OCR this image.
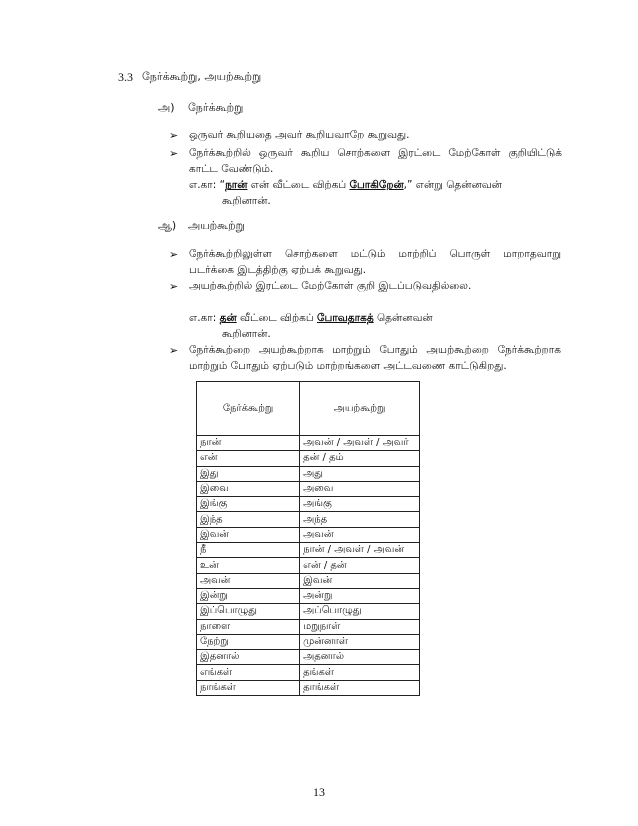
3.3 நேர்க்கூற்று, அயற்கூற்று
அ) நேர்க்கூற்று
➢ ஒருவர் கூறியதை அவர் கூறியவாறே கூறுவது.
➢ நேர்க்கூற்றில் ஒருவர் கூறிய சொற்களை இரட்டை மேற்கோள் குறியிட்டுக்
காட்ட வேண்டும்.
எ.கா: “நான் என் வீட்டை விற்கப் போகிறேன்,” என்று தென்னவன்
கூறினான்.
ஆ) அயற்கூற்று
➢ நேர்க்கூற்றிலுள்ள சொற்களை மட்டும் மாற்றிப் பொருள் மாறாதவாறு
படர்க்கை இடத்திற்கு ஏற்பக் கூறுவது.
➢ அயற்கூற்றில் இரட்டை மேற்கோள் குறி இடப்படுவதில்லை.
எ.கா: தன் வீட்டை விற்கப் போவதாகத் தென்னவன்
கூறினான்.
➢ நேர்க்கூற்றை அயற்கூற்றாக மாற்றும் போதும் அயற்கூற்றை நேர்க்கூற்றாக
மாற்றும் போதும் ஏற்படும் மாற்றங்களை அட்டவணை காட்டுகிறது.
நேர்க்கூற்று	அயற்கூற்று
நான்	அவன் / அவள் / அவர்
என்	தன் / தம்
இது	அது
இவை	அவை
இங்கு	அங்கு
இந்த	அந்த
இவன்	அவன்
நீ	நான் / அவள் / அவன்
உன்	என் / தன்
அவன்	இவன்
இன்று	அன்று
இப்பொழுது	அப்பொழுது
நாளை	மறுநாள்
நேற்று	முன்னாள்
இதனால்	அதனால்
எங்கள்	தங்கள்
நாங்கள்	தாங்கள்
13
